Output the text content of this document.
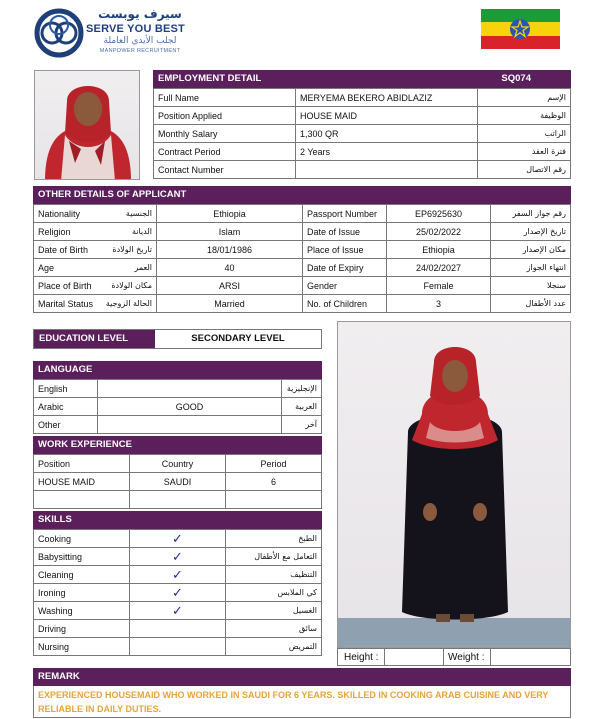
سيرف يوبست
SERVE YOU BEST
لجلب الأيدي العاملة
MANPOWER RECRUITMENT
EMPLOYMENT DETAIL	SQ074
Full Name	MERYEMA BEKERO ABIDLAZIZ	الإسم
Position Applied	HOUSE MAID	الوظيفة
Monthly Salary	1,300 QR	الراتب
Contract Period	2 Years	فترة العقد
Contact Number		رقم الاتصال
OTHER DETAILS OF APPLICANT
Nationality الجنسية	Ethiopia	Passport Number	EP6925630	رقم جواز السفر
Religion الديانة	Islam	Date of Issue	25/02/2022	تاريخ الإصدار
Date of Birth تاريخ الولادة	18/01/1986	Place of Issue	Ethiopia	مكان الإصدار
Age العمر	40	Date of Expiry	24/02/2027	انتهاء الجواز
Place of Birth مكان الولادة	ARSI	Gender	Female	سنجلا
Marital Status الحالة الزوجية	Married	No. of Children	3	عدد الأطفال
EDUCATION LEVEL	SECONDARY LEVEL
LANGUAGE
English		الإنجليزية
Arabic	GOOD	العربية
Other		آخر
WORK EXPERIENCE
Position	Country	Period
HOUSE MAID	SAUDI	6

SKILLS
Cooking	✓	الطبخ
Babysitting	✓	التعامل مع الأطفال
Cleaning	✓	التنظيف
Ironing	✓	كي الملابس
Washing	✓	الغسيل
Driving		سائق
Nursing		التمريض
Height :	Weight :
REMARK
EXPERIENCED HOUSEMAID WHO WORKED IN SAUDI FOR 6 YEARS. SKILLED IN COOKING ARAB CUISINE AND VERY RELIABLE IN DAILY DUTIES.
